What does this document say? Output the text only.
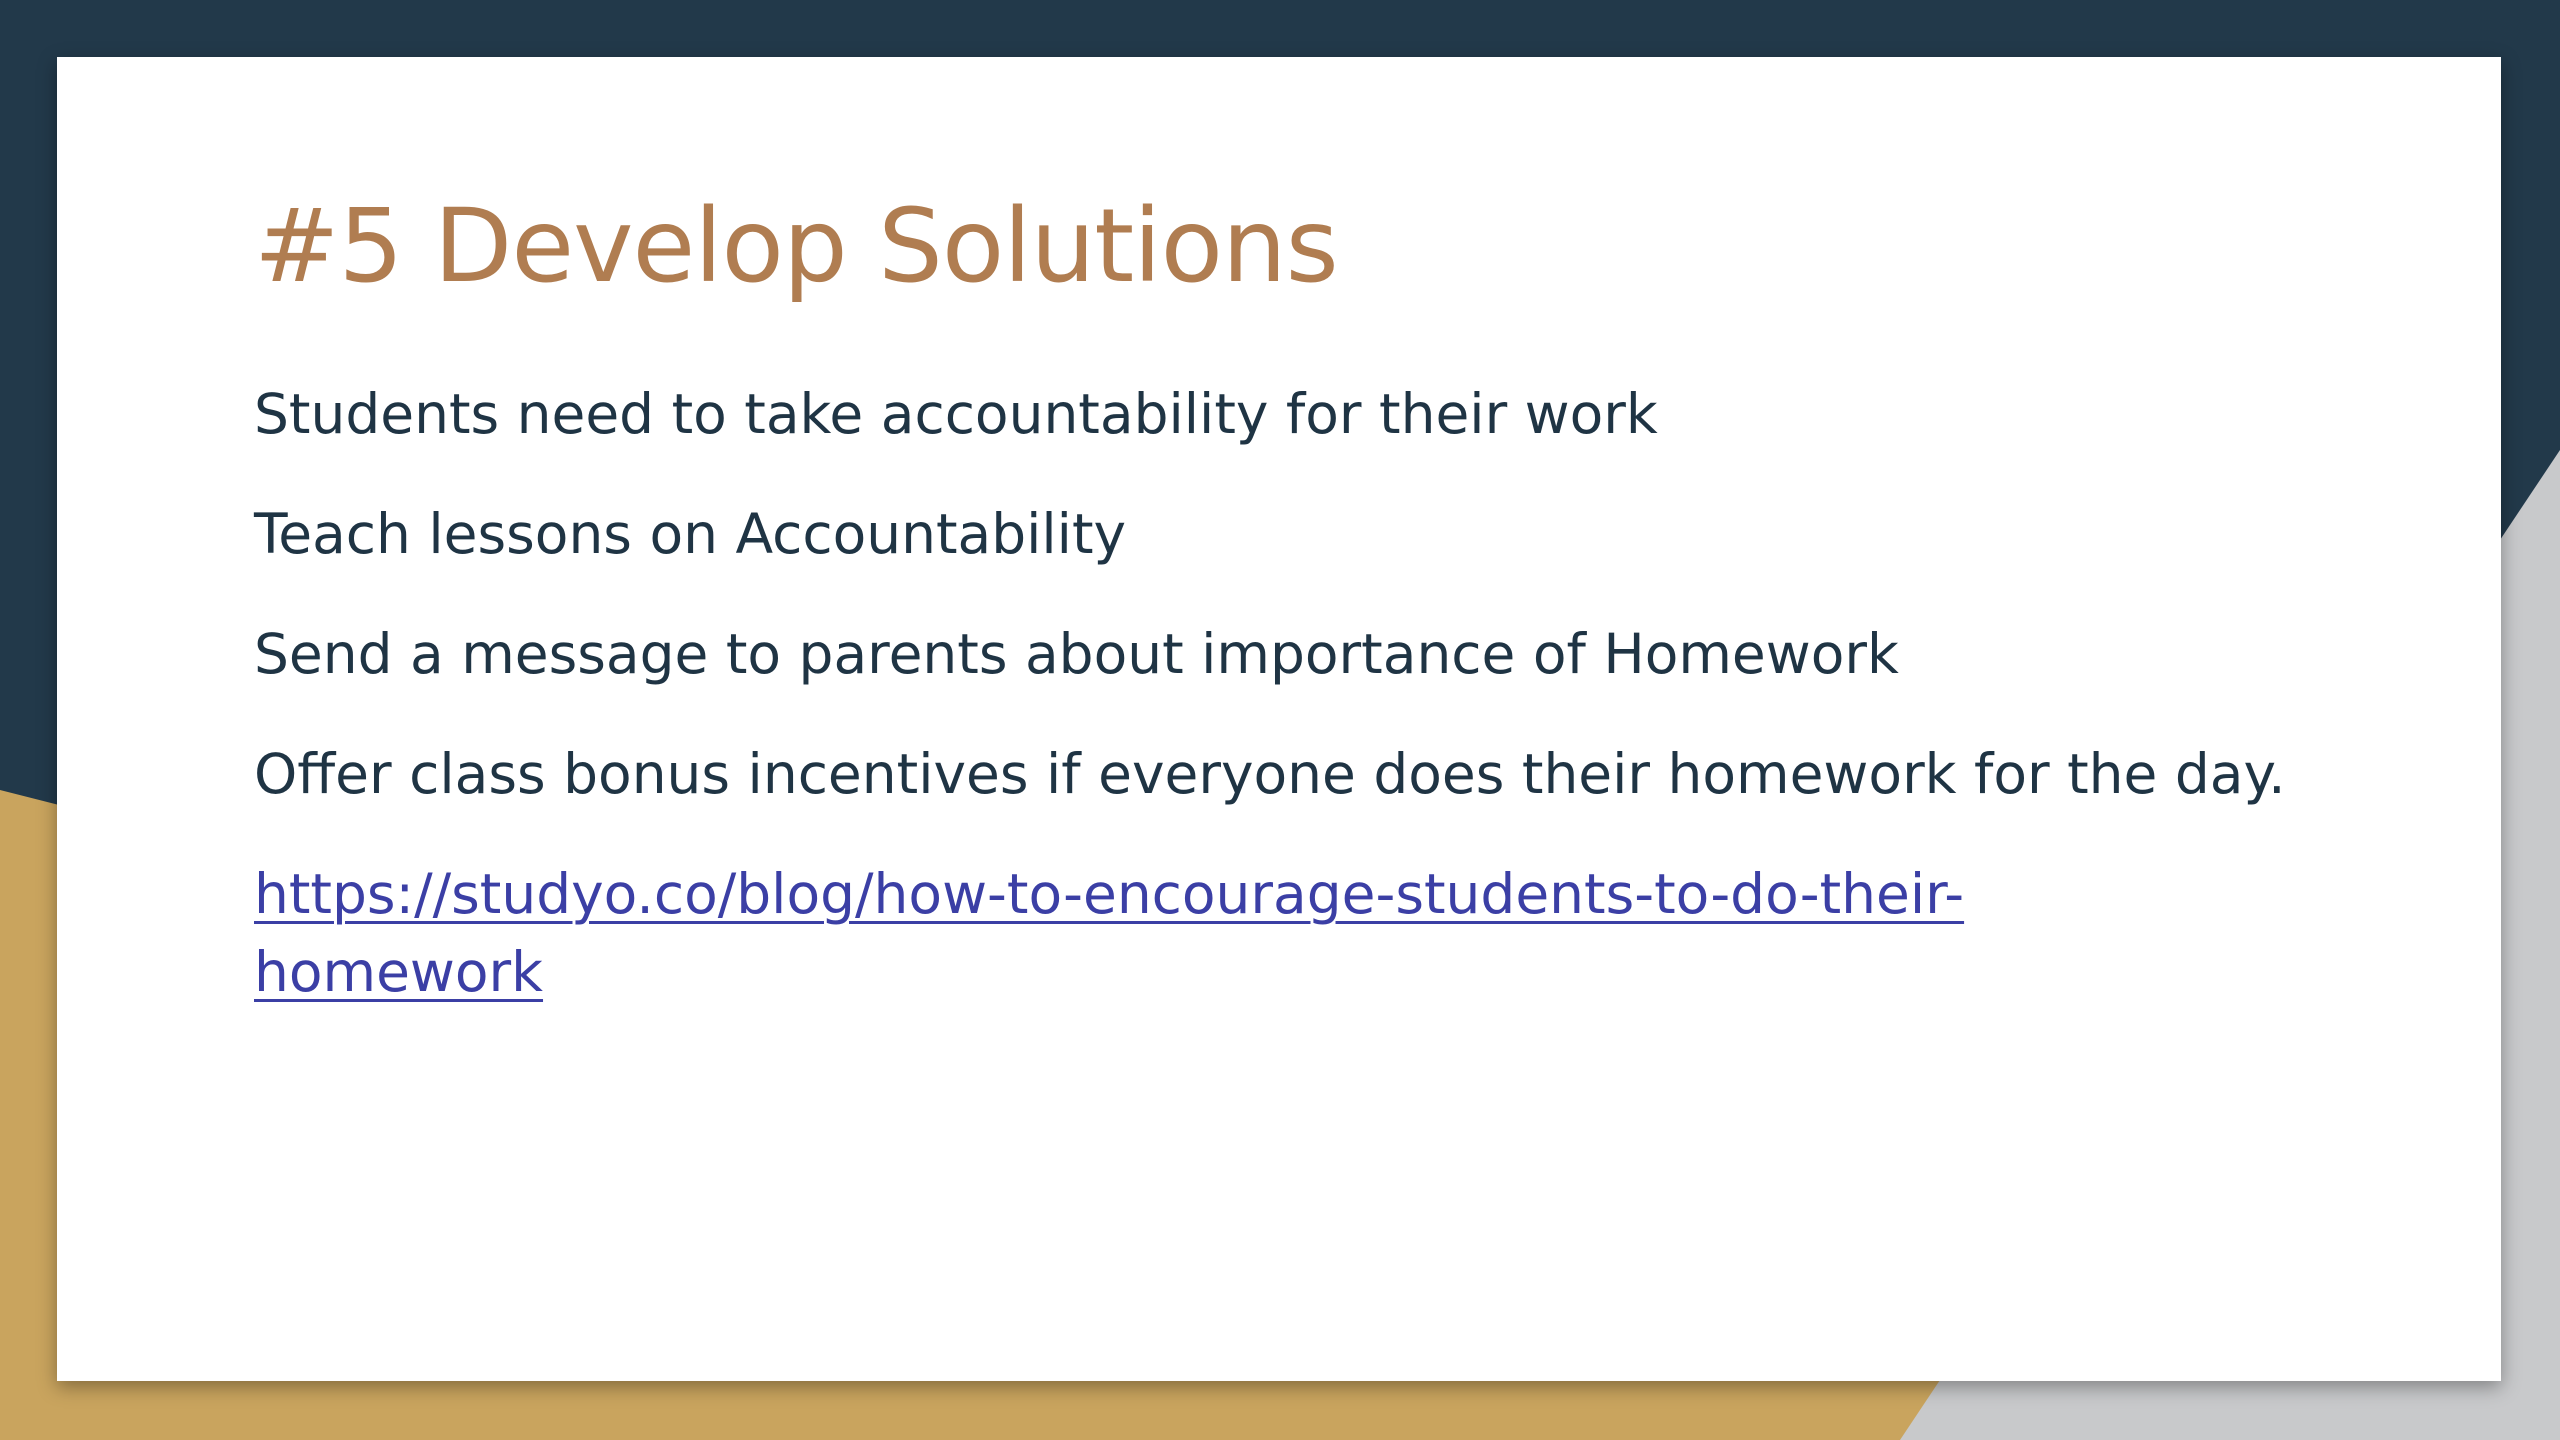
#5 Develop Solutions
Students need to take accountability for their work
Teach lessons on Accountability
Send a message to parents about importance of Homework
Offer class bonus incentives if everyone does their homework for the day.
https://studyo.co/blog/how-to-encourage-students-to-do-their-homework
